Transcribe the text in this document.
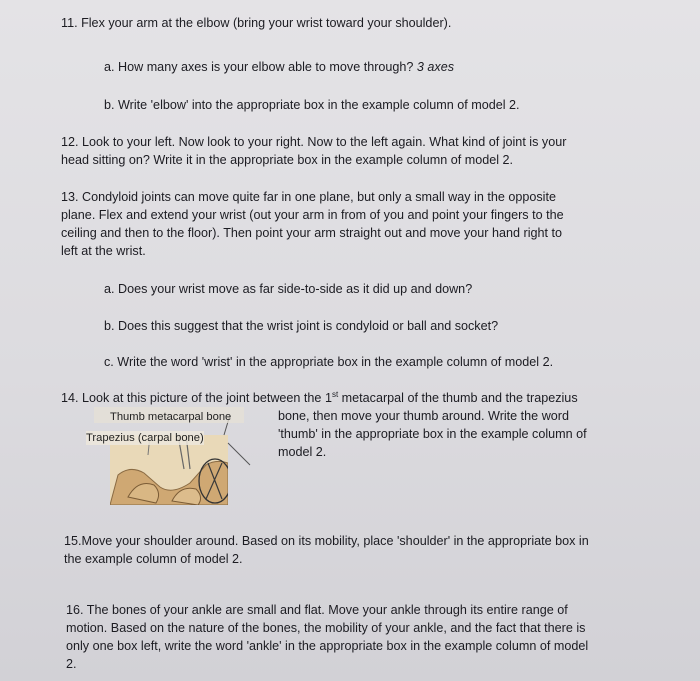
11. Flex your arm at the elbow (bring your wrist toward your shoulder).
a. How many axes is your elbow able to move through? 3 axes
b. Write 'elbow' into the appropriate box in the example column of model 2.
12. Look to your left. Now look to your right. Now to the left again. What kind of joint is your
head sitting on? Write it in the appropriate box in the example column of model 2.
13. Condyloid joints can move quite far in one plane, but only a small way in the opposite
plane. Flex and extend your wrist (out your arm in from of you and point your fingers to the
ceiling and then to the floor). Then point your arm straight out and move your hand right to
left at the wrist.
a. Does your wrist move as far side-to-side as it did up and down?
b. Does this suggest that the wrist joint is condyloid or ball and socket?
c. Write the word 'wrist' in the appropriate box in the example column of model 2.
14. Look at this picture of the joint between the 1st metacarpal of the thumb and the trapezius
bone, then move your thumb around. Write the word
'thumb' in the appropriate box in the example column of
model 2.
Thumb metacarpal bone
Trapezius (carpal bone)
15.Move your shoulder around. Based on its mobility, place 'shoulder' in the appropriate box in
the example column of model 2.
16. The bones of your ankle are small and flat. Move your ankle through its entire range of
motion. Based on the nature of the bones, the mobility of your ankle, and the fact that there is
only one box left, write the word 'ankle' in the appropriate box in the example column of model
2.
